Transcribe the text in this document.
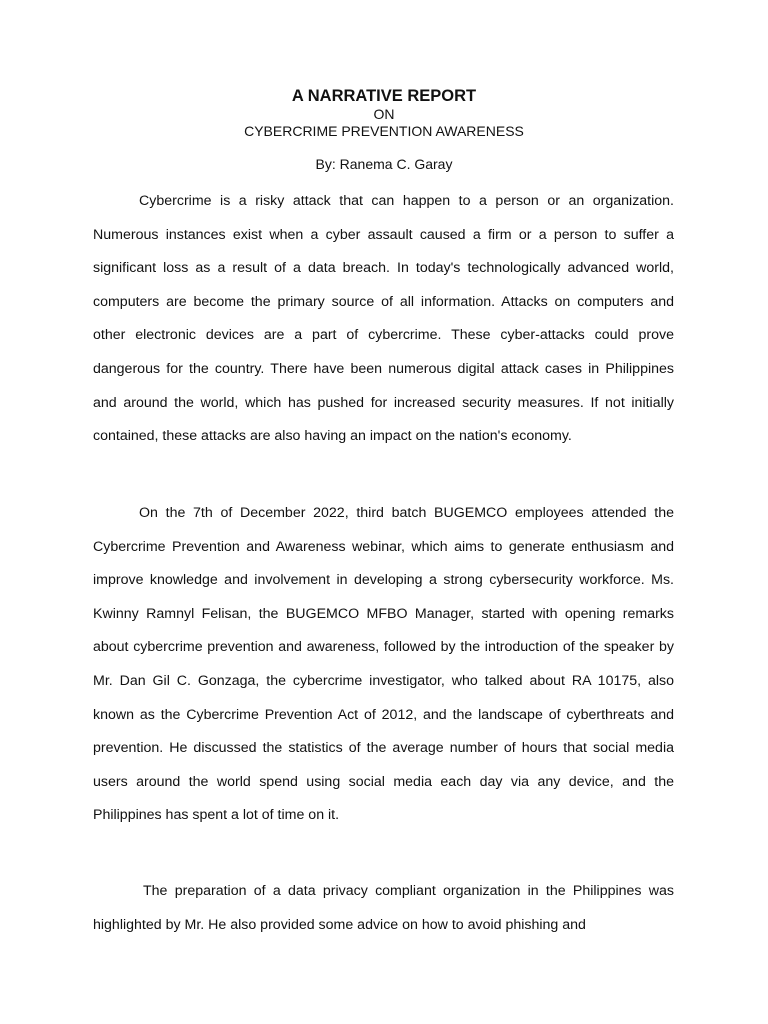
A NARRATIVE REPORT

ON

CYBERCRIME PREVENTION AWARENESS

By: Ranema C. Garay

Cybercrime is a risky attack that can happen to a person or an organization. Numerous instances exist when a cyber assault caused a firm or a person to suffer a significant loss as a result of a data breach. In today's technologically advanced world, computers are become the primary source of all information. Attacks on computers and other electronic devices are a part of cybercrime. These cyber-attacks could prove dangerous for the country. There have been numerous digital attack cases in Philippines and around the world, which has pushed for increased security measures. If not initially contained, these attacks are also having an impact on the nation's economy.

On the 7th of December 2022, third batch BUGEMCO employees attended the Cybercrime Prevention and Awareness webinar, which aims to generate enthusiasm and improve knowledge and involvement in developing a strong cybersecurity workforce. Ms. Kwinny Ramnyl Felisan, the BUGEMCO MFBO Manager, started with opening remarks about cybercrime prevention and awareness, followed by the introduction of the speaker by Mr. Dan Gil C. Gonzaga, the cybercrime investigator, who talked about RA 10175, also known as the Cybercrime Prevention Act of 2012, and the landscape of cyberthreats and prevention. He discussed the statistics of the average number of hours that social media users around the world spend using social media each day via any device, and the Philippines has spent a lot of time on it.

The preparation of a data privacy compliant organization in the Philippines was highlighted by Mr. He also provided some advice on how to avoid phishing and
